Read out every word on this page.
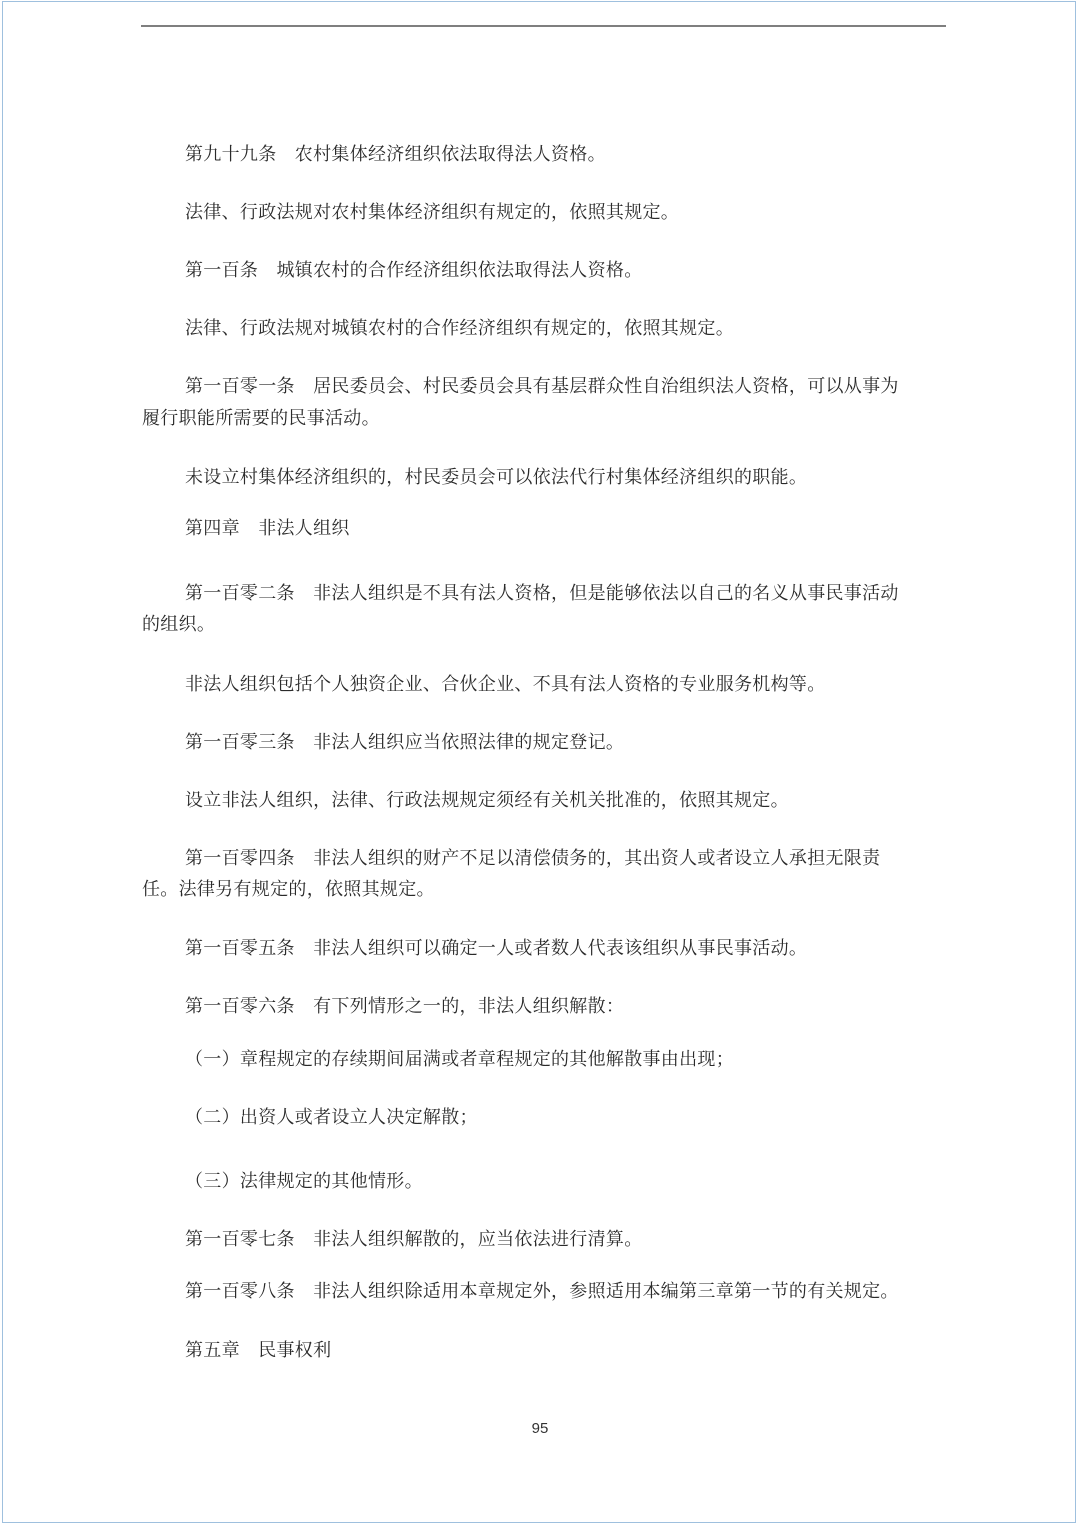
第九十九条　农村集体经济组织依法取得法人资格。
法律、行政法规对农村集体经济组织有规定的，依照其规定。
第一百条　城镇农村的合作经济组织依法取得法人资格。
法律、行政法规对城镇农村的合作经济组织有规定的，依照其规定。
第一百零一条　居民委员会、村民委员会具有基层群众性自治组织法人资格，可以从事为
履行职能所需要的民事活动。
未设立村集体经济组织的，村民委员会可以依法代行村集体经济组织的职能。
第四章　非法人组织
第一百零二条　非法人组织是不具有法人资格，但是能够依法以自己的名义从事民事活动
的组织。
非法人组织包括个人独资企业、合伙企业、不具有法人资格的专业服务机构等。
第一百零三条　非法人组织应当依照法律的规定登记。
设立非法人组织，法律、行政法规规定须经有关机关批准的，依照其规定。
第一百零四条　非法人组织的财产不足以清偿债务的，其出资人或者设立人承担无限责
任。法律另有规定的，依照其规定。
第一百零五条　非法人组织可以确定一人或者数人代表该组织从事民事活动。
第一百零六条　有下列情形之一的，非法人组织解散：
（一）章程规定的存续期间届满或者章程规定的其他解散事由出现；
（二）出资人或者设立人决定解散；
（三）法律规定的其他情形。
第一百零七条　非法人组织解散的，应当依法进行清算。
第一百零八条　非法人组织除适用本章规定外，参照适用本编第三章第一节的有关规定。
第五章　民事权利
95
